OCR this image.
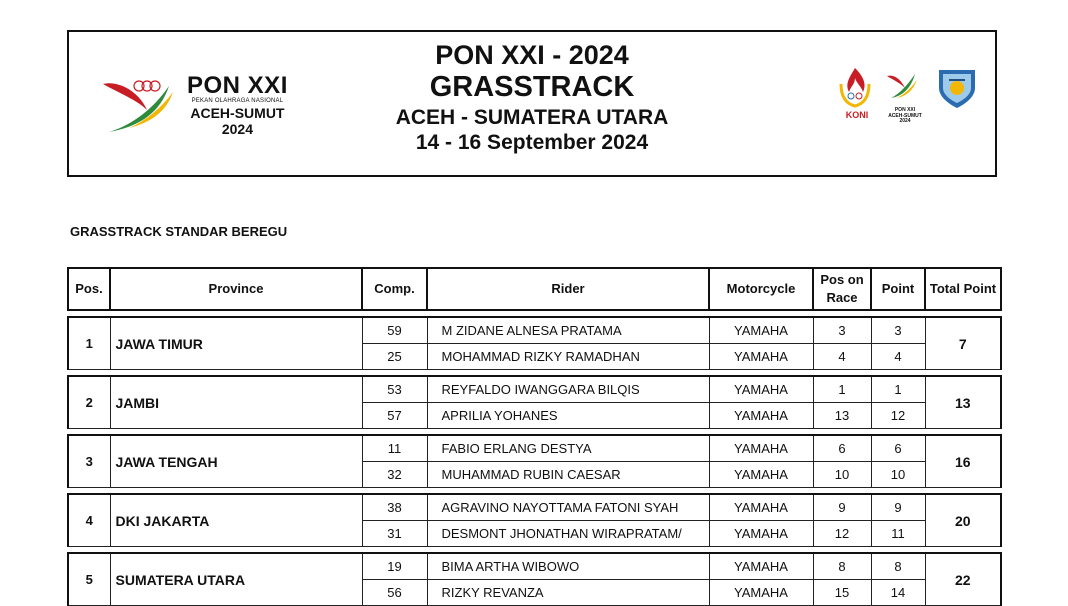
PON XXI
PEKAN OLAHRAGA NASIONAL
ACEH-SUMUT
2024
PON XXI - 2024
GRASSTRACK
ACEH - SUMATERA UTARA
14 - 16 September 2024
KONI	PON XXI
ACEH-SUMUT 2024
GRASSTRACK STANDAR BEREGU
Pos.	Province	Comp.	Rider	Motorcycle	Pos on Race	Point	Total Point

1	JAWA TIMUR	59	M ZIDANE ALNESA PRATAMA	YAMAHA	3	3	7
		25	MOHAMMAD RIZKY RAMADHAN	YAMAHA	4	4	

2	JAMBI	53	REYFALDO IWANGGARA BILQIS	YAMAHA	1	1	13
		57	APRILIA YOHANES	YAMAHA	13	12	

3	JAWA TENGAH	11	FABIO ERLANG DESTYA	YAMAHA	6	6	16
		32	MUHAMMAD RUBIN CAESAR	YAMAHA	10	10	

4	DKI JAKARTA	38	AGRAVINO NAYOTTAMA FATONI SYAH	YAMAHA	9	9	20
		31	DESMONT JHONATHAN WIRAPRATAM/	YAMAHA	12	11	

5	SUMATERA UTARA	19	BIMA ARTHA WIBOWO	YAMAHA	8	8	22
		56	RIZKY REVANZA	YAMAHA	15	14	
